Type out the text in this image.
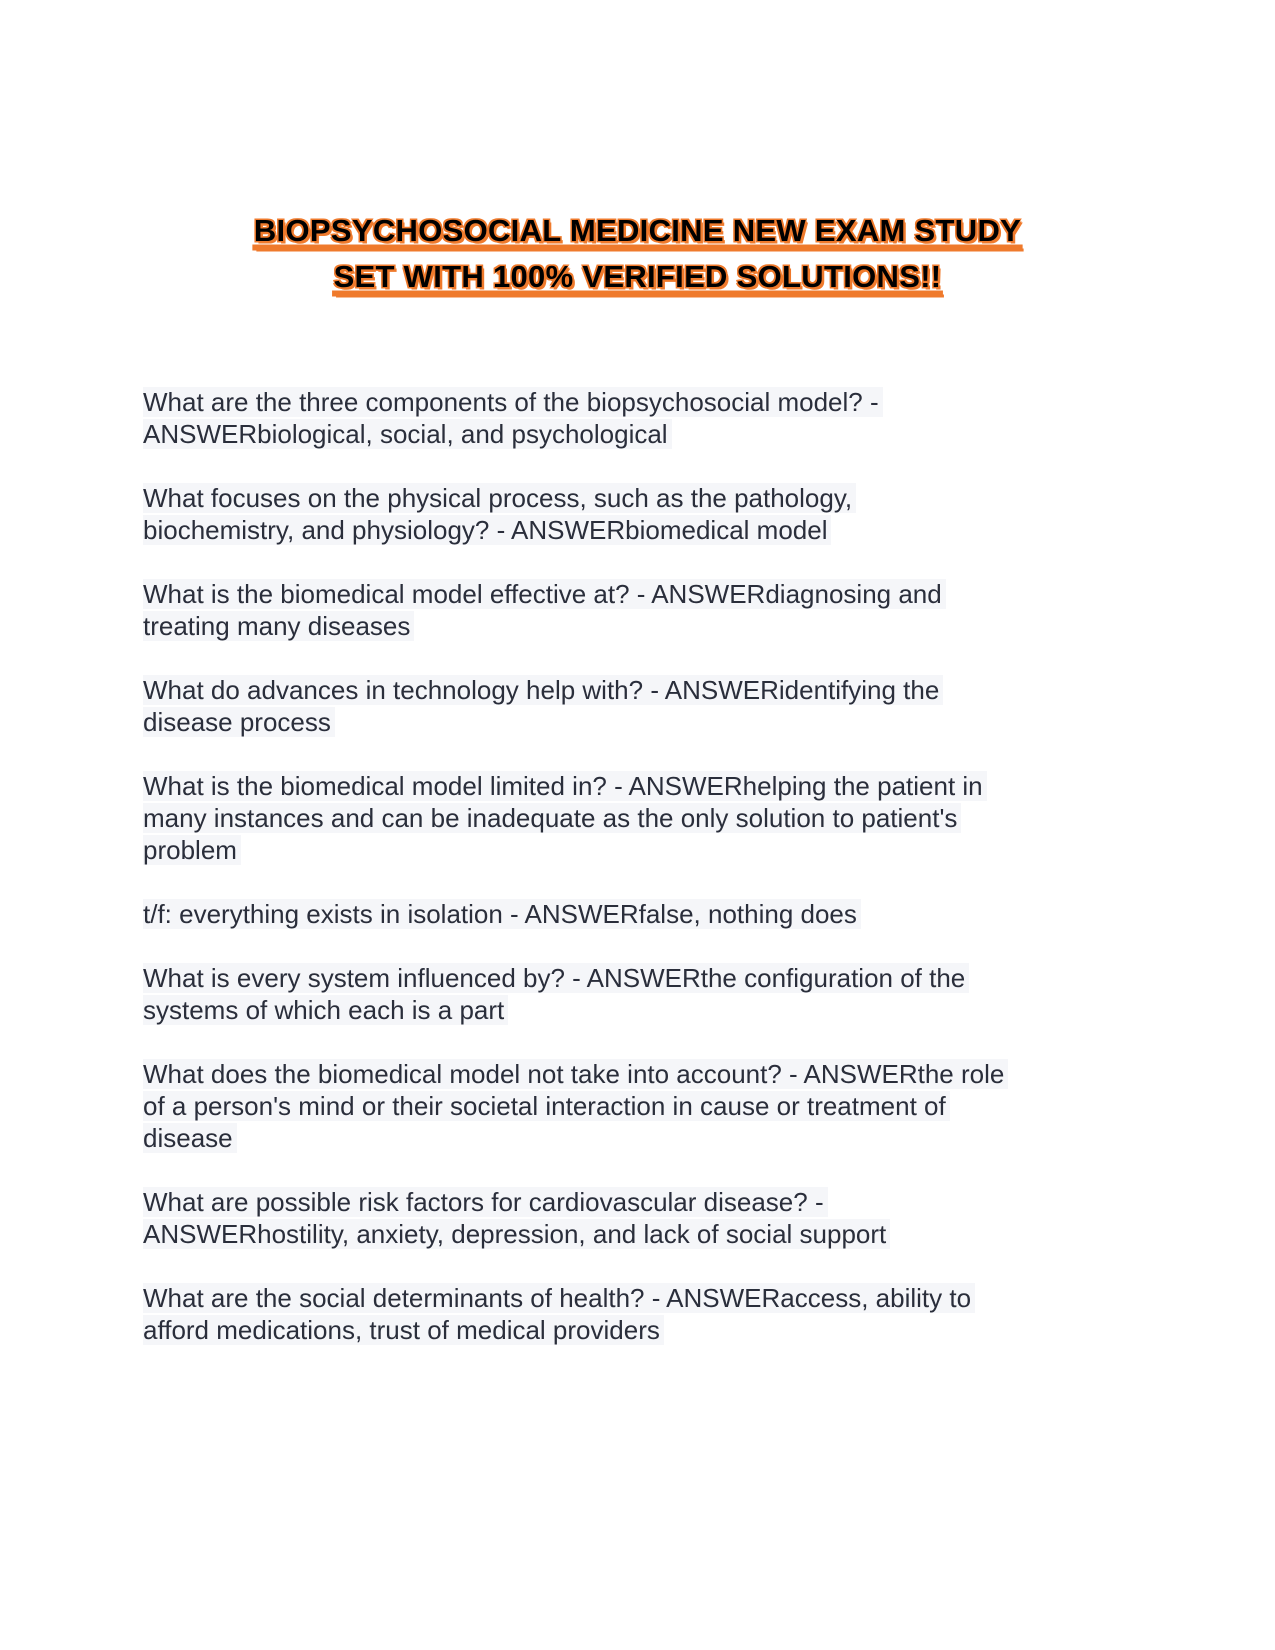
BIOPSYCHOSOCIAL MEDICINE NEW EXAM STUDY
SET WITH 100% VERIFIED SOLUTIONS!!
What are the three components of the biopsychosocial model? -
ANSWERbiological, social, and psychological
What focuses on the physical process, such as the pathology,
biochemistry, and physiology? - ANSWERbiomedical model
What is the biomedical model effective at? - ANSWERdiagnosing and
treating many diseases
What do advances in technology help with? - ANSWERidentifying the
disease process
What is the biomedical model limited in? - ANSWERhelping the patient in
many instances and can be inadequate as the only solution to patient's
problem
t/f: everything exists in isolation - ANSWERfalse, nothing does
What is every system influenced by? - ANSWERthe configuration of the
systems of which each is a part
What does the biomedical model not take into account? - ANSWERthe role
of a person's mind or their societal interaction in cause or treatment of
disease
What are possible risk factors for cardiovascular disease? -
ANSWERhostility, anxiety, depression, and lack of social support
What are the social determinants of health? - ANSWERaccess, ability to
afford medications, trust of medical providers
